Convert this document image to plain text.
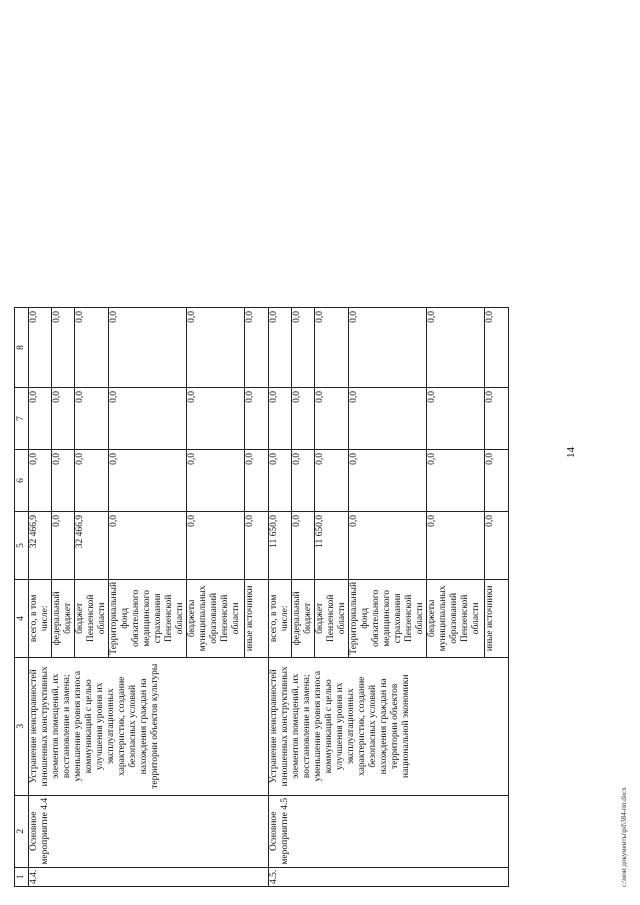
1	2	3	4	5	6	7	8
4.4.	Основное мероприятие 4.4	Устранение неисправностей изношенных конструктивных элементов помещений, их восстановление и замена; уменьшение уровня износа коммуникаций с целью улучшения уровня их эксплуатационных характеристик, создание безопасных условий нахождения граждан на территории объектов культуры	всего, в том числе:	32 466,9	0,0	0,0	0,0
			федеральный бюджет	0,0	0,0	0,0	0,0
			бюджет Пензенской области	32 466,9	0,0	0,0	0,0
			Территориальный фонд обязательного медицинского страхования Пензенской области	0,0	0,0	0,0	0,0
			бюджеты муниципальных образований Пензенской области	0,0	0,0	0,0	0,0
			иные источники	0,0	0,0	0,0	0,0
4.5.	Основное мероприятие 4.5	Устранение неисправностей изношенных конструктивных элементов помещений, их восстановление и замена; уменьшение уровня износа коммуникаций с целью улучшения уровня их эксплуатационных характеристик, создание безопасных условий нахождения граждан на территории объектов национальной экономики	всего, в том числе:	11 650,0	0,0	0,0	0,0
			федеральный бюджет	0,0	0,0	0,0	0,0
			бюджет Пензенской области	11 650,0	0,0	0,0	0,0
			Территориальный фонд обязательного медицинского страхования Пензенской области	0,0	0,0	0,0	0,0
			бюджеты муниципальных образований Пензенской области	0,0	0,0	0,0	0,0
			иные источники	0,0	0,0	0,0	0,0
14
c:\мои документы\pd\384-пп.docx
